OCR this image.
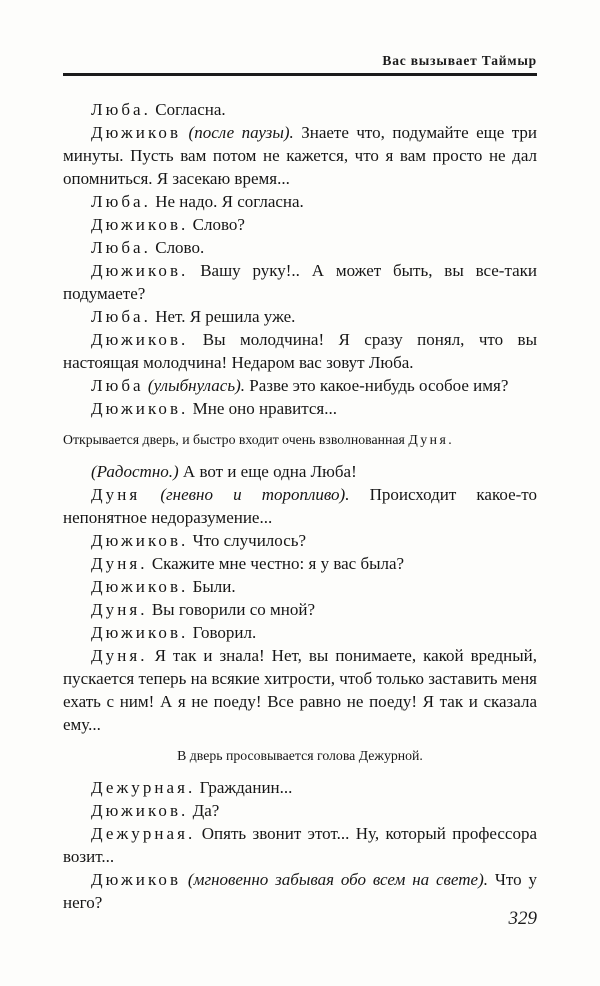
Вас вызывает Таймыр

Люба. Согласна.

Дюжиков (после паузы). Знаете что, подумайте еще три минуты. Пусть вам потом не кажется, что я вам просто не дал опомниться. Я засекаю время...

Люба. Не надо. Я согласна.

Дюжиков. Слово?

Люба. Слово.

Дюжиков. Вашу руку!.. А может быть, вы все-таки подумаете?

Люба. Нет. Я решила уже.

Дюжиков. Вы молодчина! Я сразу понял, что вы настоящая молодчина! Недаром вас зовут Люба.

Люба (улыбнулась). Разве это какое-нибудь особое имя?

Дюжиков. Мне оно нравится...

Открывается дверь, и быстро входит очень взволнованная Дуня.

(Радостно.) А вот и еще одна Люба!

Дуня (гневно и торопливо). Происходит какое-то непонятное недоразумение...

Дюжиков. Что случилось?

Дуня. Скажите мне честно: я у вас была?

Дюжиков. Были.

Дуня. Вы говорили со мной?

Дюжиков. Говорил.

Дуня. Я так и знала! Нет, вы понимаете, какой вредный, пускается теперь на всякие хитрости, чтоб только заставить меня ехать с ним! А я не поеду! Все равно не поеду! Я так и сказала ему...

В дверь просовывается голова Дежурной.

Дежурная. Гражданин...

Дюжиков. Да?

Дежурная. Опять звонит этот... Ну, который профессора возит...

Дюжиков (мгновенно забывая обо всем на свете). Что у него?

329
